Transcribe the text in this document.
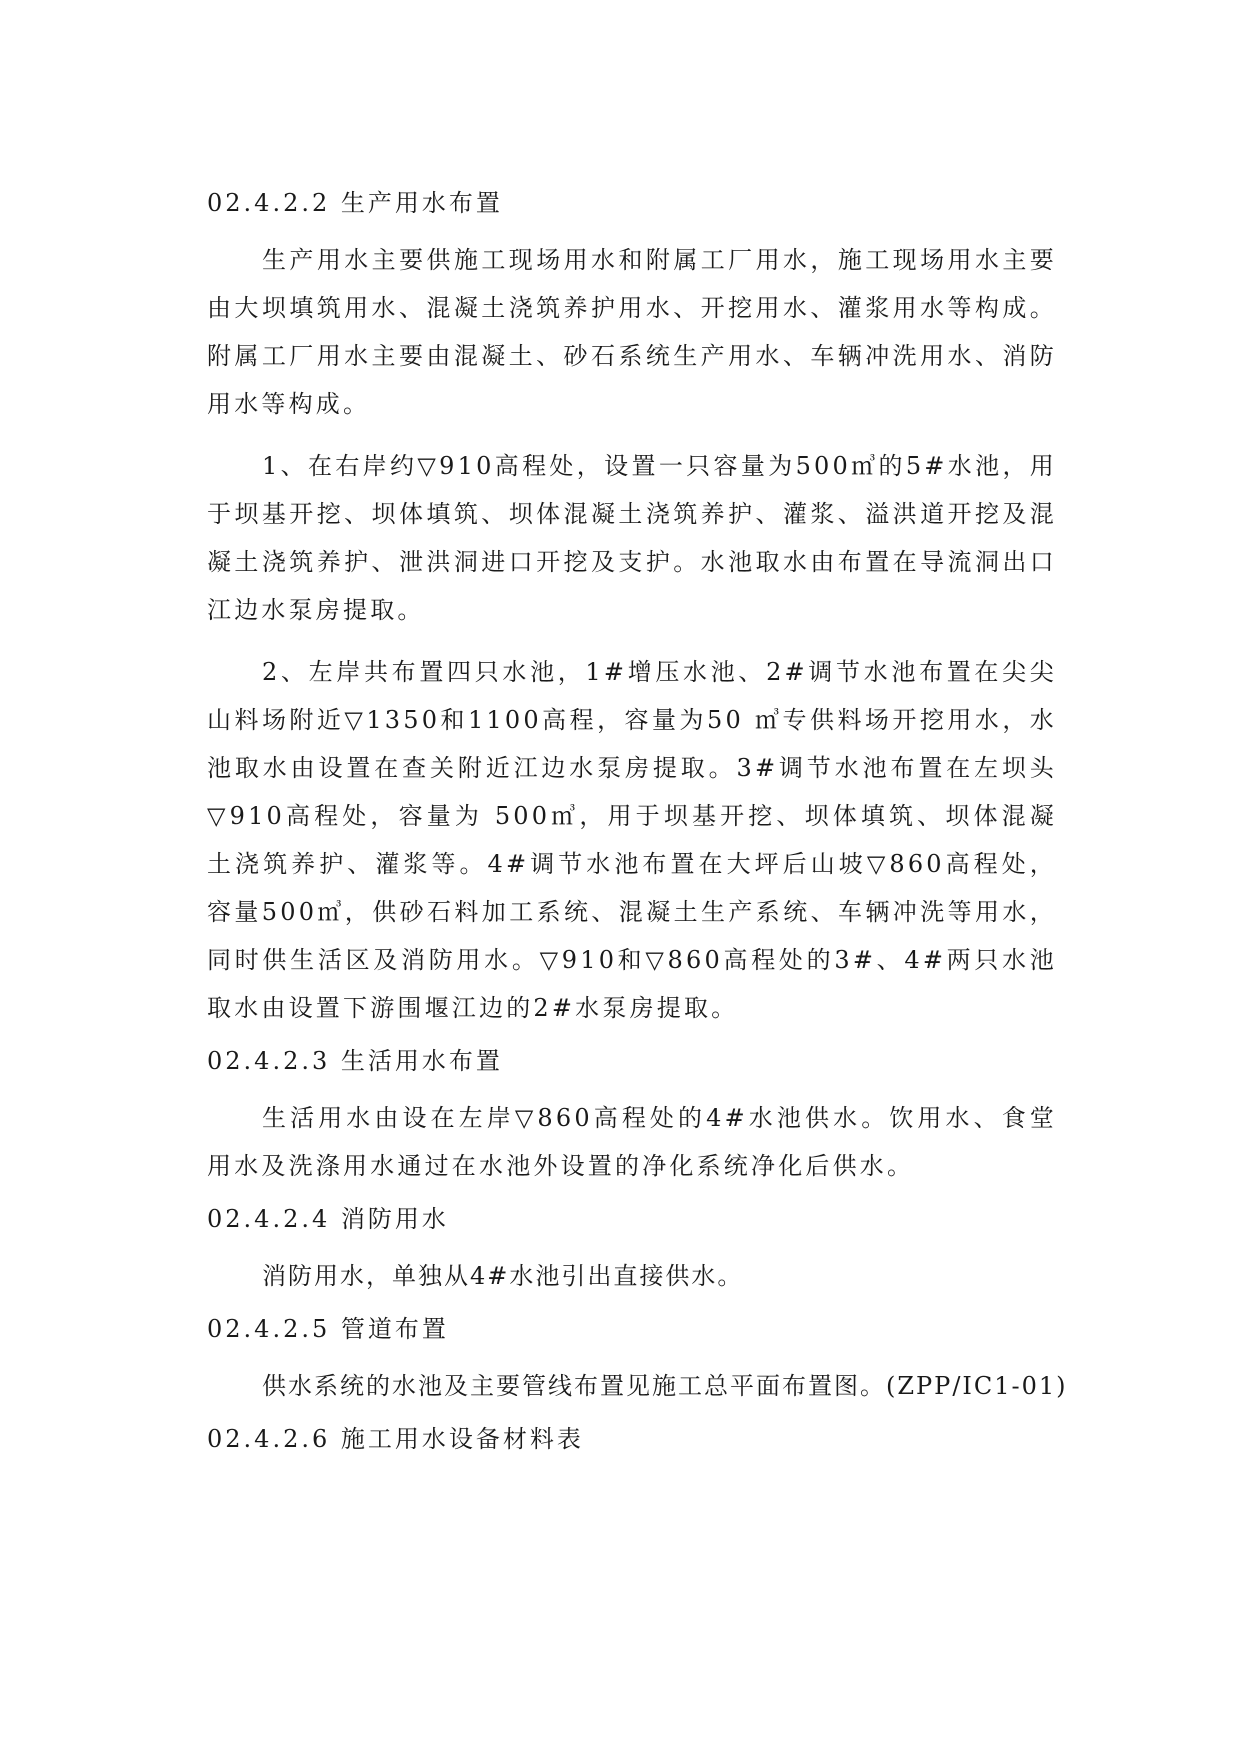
02.4.2.2 生产用水布置

生产用水主要供施工现场用水和附属工厂用水，施工现场用水主要由大坝填筑用水、混凝土浇筑养护用水、开挖用水、灌浆用水等构成。附属工厂用水主要由混凝土、砂石系统生产用水、车辆冲洗用水、消防用水等构成。

1、在右岸约▽910高程处，设置一只容量为500㎥的5#水池，用于坝基开挖、坝体填筑、坝体混凝土浇筑养护、灌浆、溢洪道开挖及混凝土浇筑养护、泄洪洞进口开挖及支护。水池取水由布置在导流洞出口江边水泵房提取。

2、左岸共布置四只水池，1#增压水池、2#调节水池布置在尖尖山料场附近▽1350和1100高程，容量为50 ㎥专供料场开挖用水，水池取水由设置在查关附近江边水泵房提取。3#调节水池布置在左坝头▽910高程处，容量为 500㎥，用于坝基开挖、坝体填筑、坝体混凝土浇筑养护、灌浆等。4#调节水池布置在大坪后山坡▽860高程处，容量500㎥，供砂石料加工系统、混凝土生产系统、车辆冲洗等用水，同时供生活区及消防用水。▽910和▽860高程处的3#、4#两只水池取水由设置下游围堰江边的2#水泵房提取。

02.4.2.3 生活用水布置

生活用水由设在左岸▽860高程处的4#水池供水。饮用水、食堂用水及洗涤用水通过在水池外设置的净化系统净化后供水。

02.4.2.4 消防用水

消防用水，单独从4#水池引出直接供水。

02.4.2.5 管道布置

供水系统的水池及主要管线布置见施工总平面布置图。(ZPP/IC1-01)

02.4.2.6 施工用水设备材料表
